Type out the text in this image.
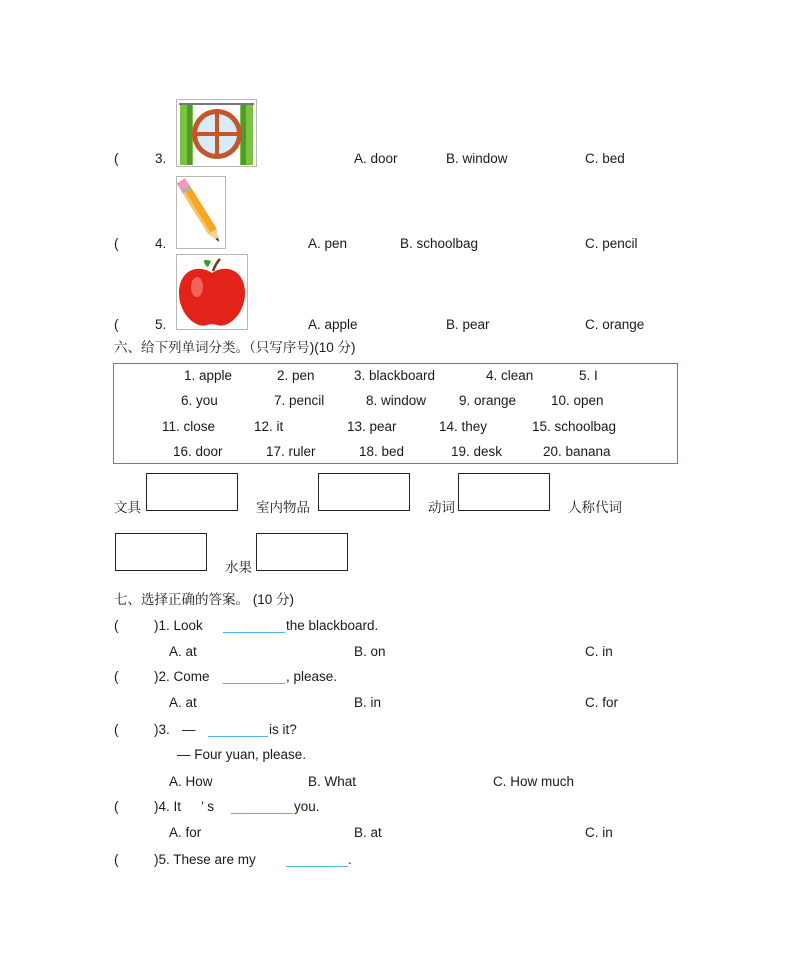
(	3.	A. door	B. window	C. bed
(	4.	A. pen	B. schoolbag	C. pencil
(	5.	A. apple	B. pear	C. orange
六、给下列单词分类。（只写序号)(10 分)
1. apple	2. pen	3. blackboard	4. clean	5. I
6. you	7. pencil	8. window 9. orange	10. open
11. close	12. it	13. pear	14. they	15. schoolbag
16. door	17. ruler	18. bed	19. desk	20. banana
文具	室内物品	动词	人称代词
水果
七、选择正确的答案。 (10 分)
(	)1. Look	the blackboard.
A. at	B. on	C. in
(	)2. Come	, please.
A. at	B. in	C. for
(	)3. —	is it?
— Four yuan, please.
A. How	B. What	C. How much
(	)4. It ’ s	you.
A. for	B. at	C. in
(	)5. These are my	.
